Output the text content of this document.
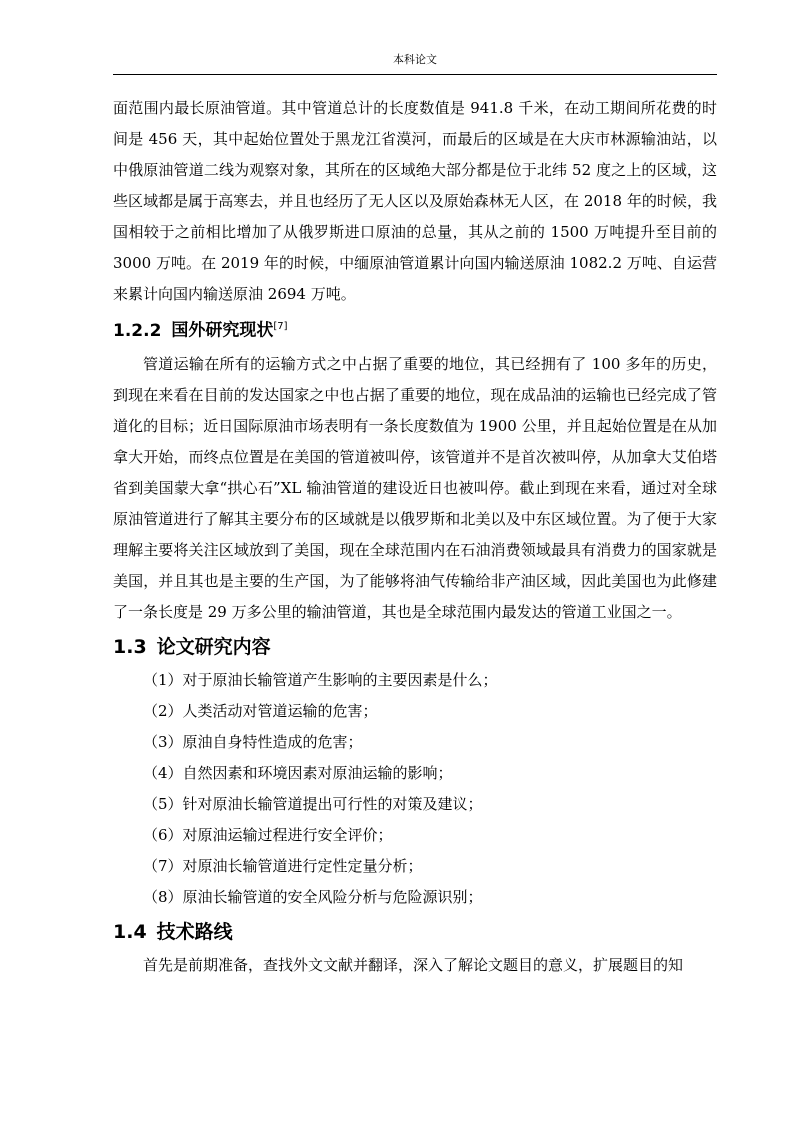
本科论文

面范围内最长原油管道。其中管道总计的长度数值是 941.8 千米，在动工期间所花费的时间是 456 天，其中起始位置处于黑龙江省漠河，而最后的区域是在大庆市林源输油站，以中俄原油管道二线为观察对象，其所在的区域绝大部分都是位于北纬 52 度之上的区域，这些区域都是属于高寒去，并且也经历了无人区以及原始森林无人区，在 2018 年的时候，我国相较于之前相比增加了从俄罗斯进口原油的总量，其从之前的 1500 万吨提升至目前的 3000 万吨。在 2019 年的时候，中缅原油管道累计向国内输送原油 1082.2 万吨、自运营来累计向国内输送原油 2694 万吨。

1.2.2 国外研究现状[7]

管道运输在所有的运输方式之中占据了重要的地位，其已经拥有了 100 多年的历史，到现在来看在目前的发达国家之中也占据了重要的地位，现在成品油的运输也已经完成了管道化的目标；近日国际原油市场表明有一条长度数值为 1900 公里，并且起始位置是在从加拿大开始，而终点位置是在美国的管道被叫停，该管道并不是首次被叫停，从加拿大艾伯塔省到美国蒙大拿“拱心石”XL 输油管道的建设近日也被叫停。截止到现在来看，通过对全球原油管道进行了解其主要分布的区域就是以俄罗斯和北美以及中东区域位置。为了便于大家理解主要将关注区域放到了美国，现在全球范围内在石油消费领域最具有消费力的国家就是美国，并且其也是主要的生产国，为了能够将油气传输给非产油区域，因此美国也为此修建了一条长度是 29 万多公里的输油管道，其也是全球范围内最发达的管道工业国之一。

1.3 论文研究内容
（1）对于原油长输管道产生影响的主要因素是什么；
（2）人类活动对管道运输的危害；
（3）原油自身特性造成的危害；
（4）自然因素和环境因素对原油运输的影响；
（5）针对原油长输管道提出可行性的对策及建议；
（6）对原油运输过程进行安全评价；
（7）对原油长输管道进行定性定量分析；
（8）原油长输管道的安全风险分析与危险源识别；
1.4 技术路线

首先是前期准备，查找外文文献并翻译，深入了解论文题目的意义，扩展题目的知
